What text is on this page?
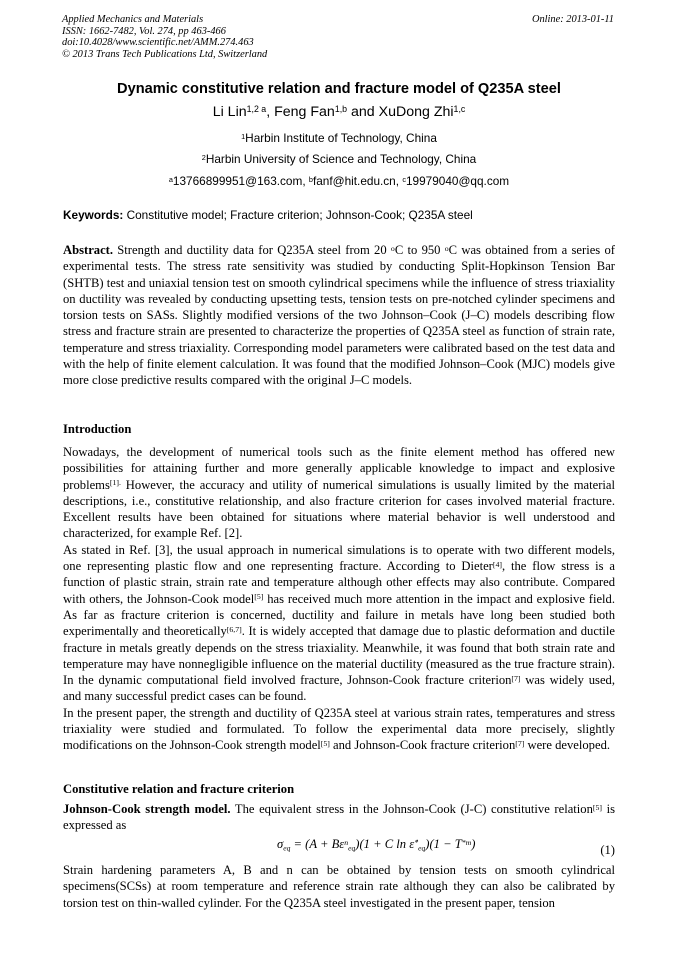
Applied Mechanics and Materials
ISSN: 1662-7482, Vol. 274, pp 463-466
doi:10.4028/www.scientific.net/AMM.274.463
© 2013 Trans Tech Publications Ltd, Switzerland
Online: 2013-01-11
Dynamic constitutive relation and fracture model of Q235A steel
Li Lin$^{1,2 a}$, Feng Fan$^{1,b}$ and XuDong Zhi$^{1,c}$
$^1$Harbin Institute of Technology, China
$^2$Harbin University of Science and Technology, China
$^a$13766899951@163.com, $^b$fanf@hit.edu.cn, $^c$19979040@qq.com
Keywords: Constitutive model; Fracture criterion; Johnson-Cook; Q235A steel
Abstract. Strength and ductility data for Q235A steel from 20 $^o$C to 950 $^o$C was obtained from a series of experimental tests. The stress rate sensitivity was studied by conducting Split-Hopkinson Tension Bar (SHTB) test and uniaxial tension test on smooth cylindrical specimens while the influence of stress triaxiality on ductility was revealed by conducting upsetting tests, tension tests on pre-notched cylinder specimens and torsion tests on SASs. Slightly modified versions of the two Johnson–Cook (J–C) models describing flow stress and fracture strain are presented to characterize the properties of Q235A steel as function of strain rate, temperature and stress triaxiality. Corresponding model parameters were calibrated based on the test data and with the help of finite element calculation. It was found that the modified Johnson–Cook (MJC) models give more close predictive results compared with the original J–C models.
Introduction

Nowadays, the development of numerical tools such as the finite element method has offered new possibilities for attaining further and more generally applicable knowledge to impact and explosive problems$^{[1].}$ However, the accuracy and utility of numerical simulations is usually limited by the material descriptions, i.e., constitutive relationship, and also fracture criterion for cases involved material fracture. Excellent results have been obtained for situations where material behavior is well understood and characterized, for example Ref. [2].

As stated in Ref. [3], the usual approach in numerical simulations is to operate with two different models, one representing plastic flow and one representing fracture. According to Dieter[4], the flow stress is a function of plastic strain, strain rate and temperature although other effects may also contribute. Compared with others, the Johnson-Cook model[5] has received much more attention in the impact and explosive field. As far as fracture criterion is concerned, ductility and failure in metals have long been studied both experimentally and theoretically[6,7]. It is widely accepted that damage due to plastic deformation and ductile fracture in metals greatly depends on the stress triaxiality. Meanwhile, it was found that both strain rate and temperature may have nonnegligible influence on the material ductility (measured as the true fracture strain). In the dynamic computational field involved fracture, Johnson-Cook fracture criterion[7] was widely used, and many successful predict cases can be found.

In the present paper, the strength and ductility of Q235A steel at various strain rates, temperatures and stress triaxiality were studied and formulated. To follow the experimental data more precisely, slightly modifications on the Johnson-Cook strength model[5] and Johnson-Cook fracture criterion[7] were developed.

Constitutive relation and fracture criterion
Johnson-Cook strength model. The equivalent stress in the Johnson-Cook (J-C) constitutive relation[5] is expressed as
$\sigma_{eq} = (A + B\varepsilon^n_{eq})(1 + C$ $\ln \varepsiloṅ^*_{eq})(1 - T^{*m})$	(1)
Strain hardening parameters A, B and n can be obtained by tension tests on smooth cylindrical specimens(SCSs) at room temperature and reference strain rate although they can also be calibrated by torsion test on thin-walled cylinder. For the Q235A steel investigated in the present paper, tension
